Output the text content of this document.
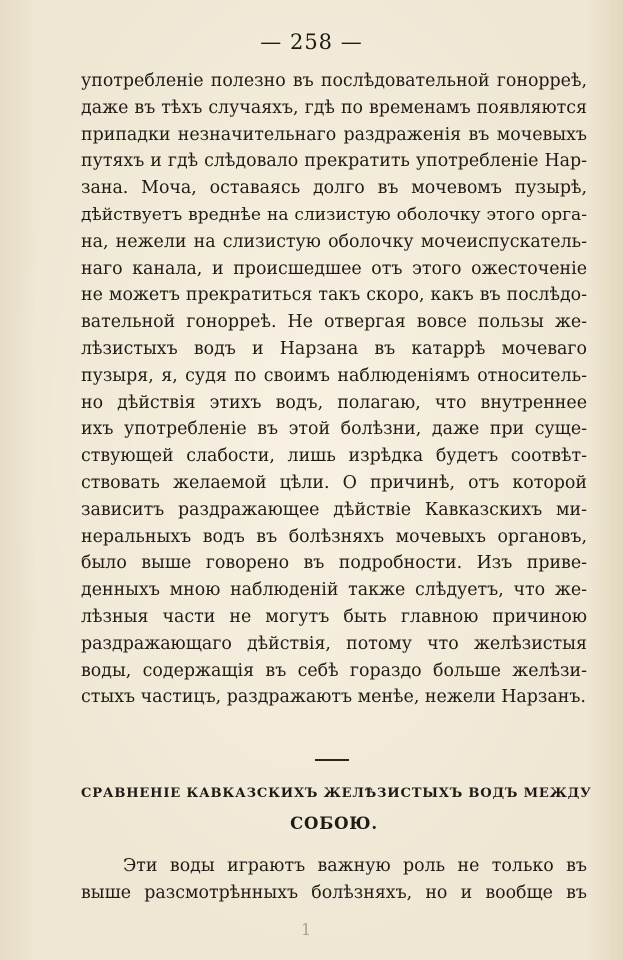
— 258 —
употребленіе полезно въ послѣдовательной гонорреѣ,
даже въ тѣхъ случаяхъ, гдѣ по временамъ появляются
припадки незначительнаго раздраженія въ мочевыхъ
путяхъ и гдѣ слѣдовало прекратить употребленіе Нар-
зана. Моча, оставаясь долго въ мочевомъ пузырѣ,
дѣйствуетъ вреднѣе на слизистую оболочку этого орга-
на, нежели на слизистую оболочку мочеиспускатель-
наго канала, и происшедшее отъ этого ожесточеніе
не можетъ прекратиться такъ скоро, какъ въ послѣдо-
вательной гонорреѣ. Не отвергая вовсе пользы же-
лѣзистыхъ водъ и Нарзана въ катаррѣ мочеваго
пузыря, я, судя по своимъ наблюденіямъ относитель-
но дѣйствія этихъ водъ, полагаю, что внутреннее
ихъ употребленіе въ этой болѣзни, даже при суще-
ствующей слабости, лишь изрѣдка будетъ соотвѣт-
ствовать желаемой цѣли. О причинѣ, отъ которой
зависитъ раздражающее дѣйствіе Кавказскихъ ми-
неральныхъ водъ въ болѣзняхъ мочевыхъ органовъ,
было выше говорено въ подробности. Изъ приве-
денныхъ мною наблюденій также слѣдуетъ, что же-
лѣзныя части не могутъ быть главною причиною
раздражающаго дѣйствія, потому что желѣзистыя
воды, содержащія въ себѣ гораздо больше желѣзи-
стыхъ частицъ, раздражаютъ менѣе, нежели Нарзанъ.
СРАВНЕНІЕ КАВКАЗСКИХЪ ЖЕЛѢЗИСТЫХЪ ВОДЪ МЕЖДУ
СОБОЮ.
Эти воды играютъ важную роль не только въ
выше разсмотрѣнныхъ болѣзняхъ, но и вообще въ
1
